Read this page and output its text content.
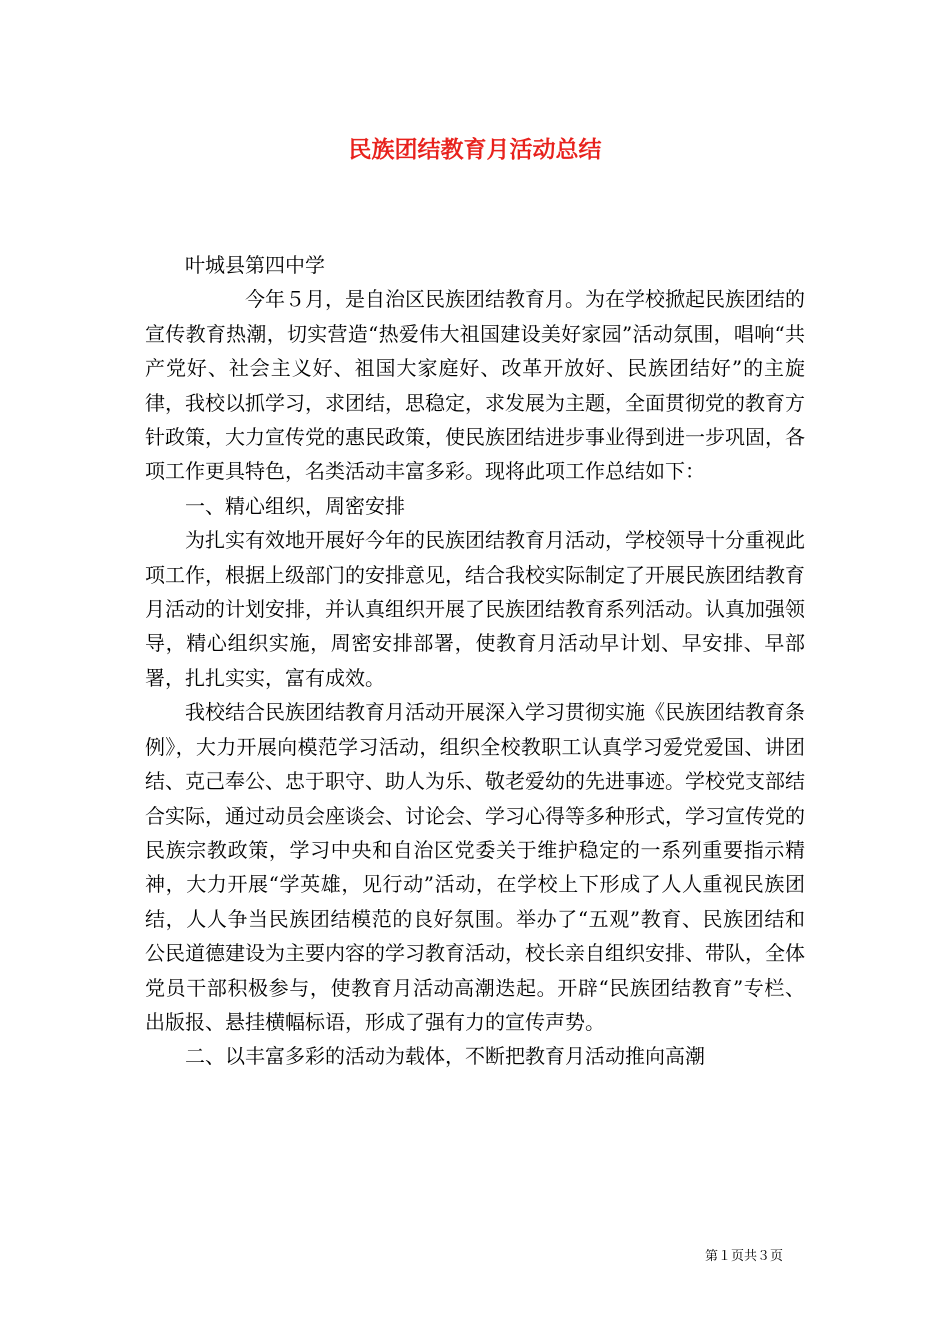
民族团结教育月活动总结

叶城县第四中学

今年５月，是自治区民族团结教育月。为在学校掀起民族团结的宣传教育热潮，切实营造“热爱伟大祖国建设美好家园”活动氛围，唱响“共产党好、社会主义好、祖国大家庭好、改革开放好、民族团结好”的主旋律，我校以抓学习，求团结，思稳定，求发展为主题，全面贯彻党的教育方针政策，大力宣传党的惠民政策，使民族团结进步事业得到进一步巩固，各项工作更具特色，名类活动丰富多彩。现将此项工作总结如下：

一、精心组织，周密安排

为扎实有效地开展好今年的民族团结教育月活动，学校领导十分重视此项工作，根据上级部门的安排意见，结合我校实际制定了开展民族团结教育月活动的计划安排，并认真组织开展了民族团结教育系列活动。认真加强领导，精心组织实施，周密安排部署，使教育月活动早计划、早安排、早部署，扎扎实实，富有成效。

我校结合民族团结教育月活动开展深入学习贯彻实施《民族团结教育条例》，大力开展向模范学习活动，组织全校教职工认真学习爱党爱国、讲团结、克己奉公、忠于职守、助人为乐、敬老爱幼的先进事迹。学校党支部结合实际，通过动员会座谈会、讨论会、学习心得等多种形式，学习宣传党的民族宗教政策，学习中央和自治区党委关于维护稳定的一系列重要指示精神，大力开展“学英雄，见行动”活动，在学校上下形成了人人重视民族团结，人人争当民族团结模范的良好氛围。举办了“五观”教育、民族团结和公民道德建设为主要内容的学习教育活动，校长亲自组织安排、带队，全体党员干部积极参与，使教育月活动高潮迭起。开辟“民族团结教育”专栏、出版报、悬挂横幅标语，形成了强有力的宣传声势。

二、以丰富多彩的活动为载体，不断把教育月活动推向高潮

第１页共３页
